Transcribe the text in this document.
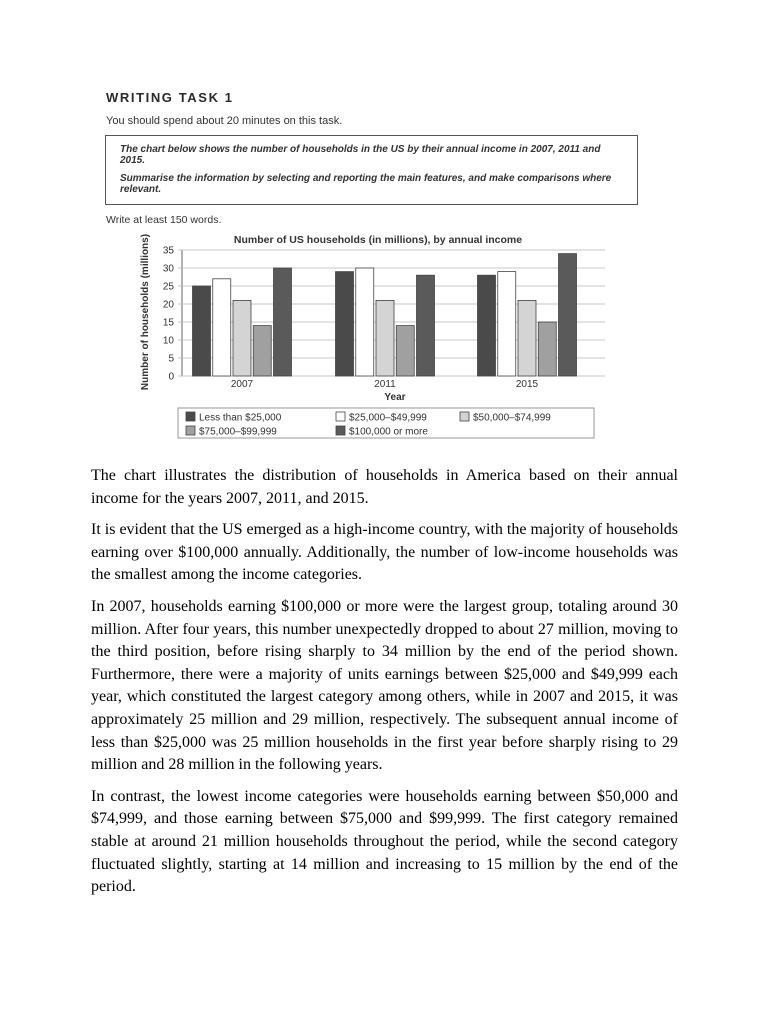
WRITING TASK 1
You should spend about 20 minutes on this task.

The chart below shows the number of households in the US by their annual income in 2007, 2011 and 2015.

Summarise the information by selecting and reporting the main features, and make comparisons where relevant.

Write at least 150 words.
Number of US households (in millions), by annual income
Number of households (millions) 0
5
10
15
20
25
30
35
2007	2011	2015
Year
Less than $25,000	$25,000–$49,999	$50,000–$74,999
$75,000–$99,999	$100,000 or more

The chart illustrates the distribution of households in America based on their annual income for the years 2007, 2011, and 2015.

It is evident that the US emerged as a high-income country, with the majority of households earning over $100,000 annually. Additionally, the number of low-income households was the smallest among the income categories.

In 2007, households earning $100,000 or more were the largest group, totaling around 30 million. After four years, this number unexpectedly dropped to about 27 million, moving to the third position, before rising sharply to 34 million by the end of the period shown. Furthermore, there were a majority of units earnings between $25,000 and $49,999 each year, which constituted the largest category among others, while in 2007 and 2015, it was approximately 25 million and 29 million, respectively. The subsequent annual income of less than $25,000 was 25 million households in the first year before sharply rising to 29 million and 28 million in the following years.

In contrast, the lowest income categories were households earning between $50,000 and $74,999, and those earning between $75,000 and $99,999. The first category remained stable at around 21 million households throughout the period, while the second category fluctuated slightly, starting at 14 million and increasing to 15 million by the end of the period.
